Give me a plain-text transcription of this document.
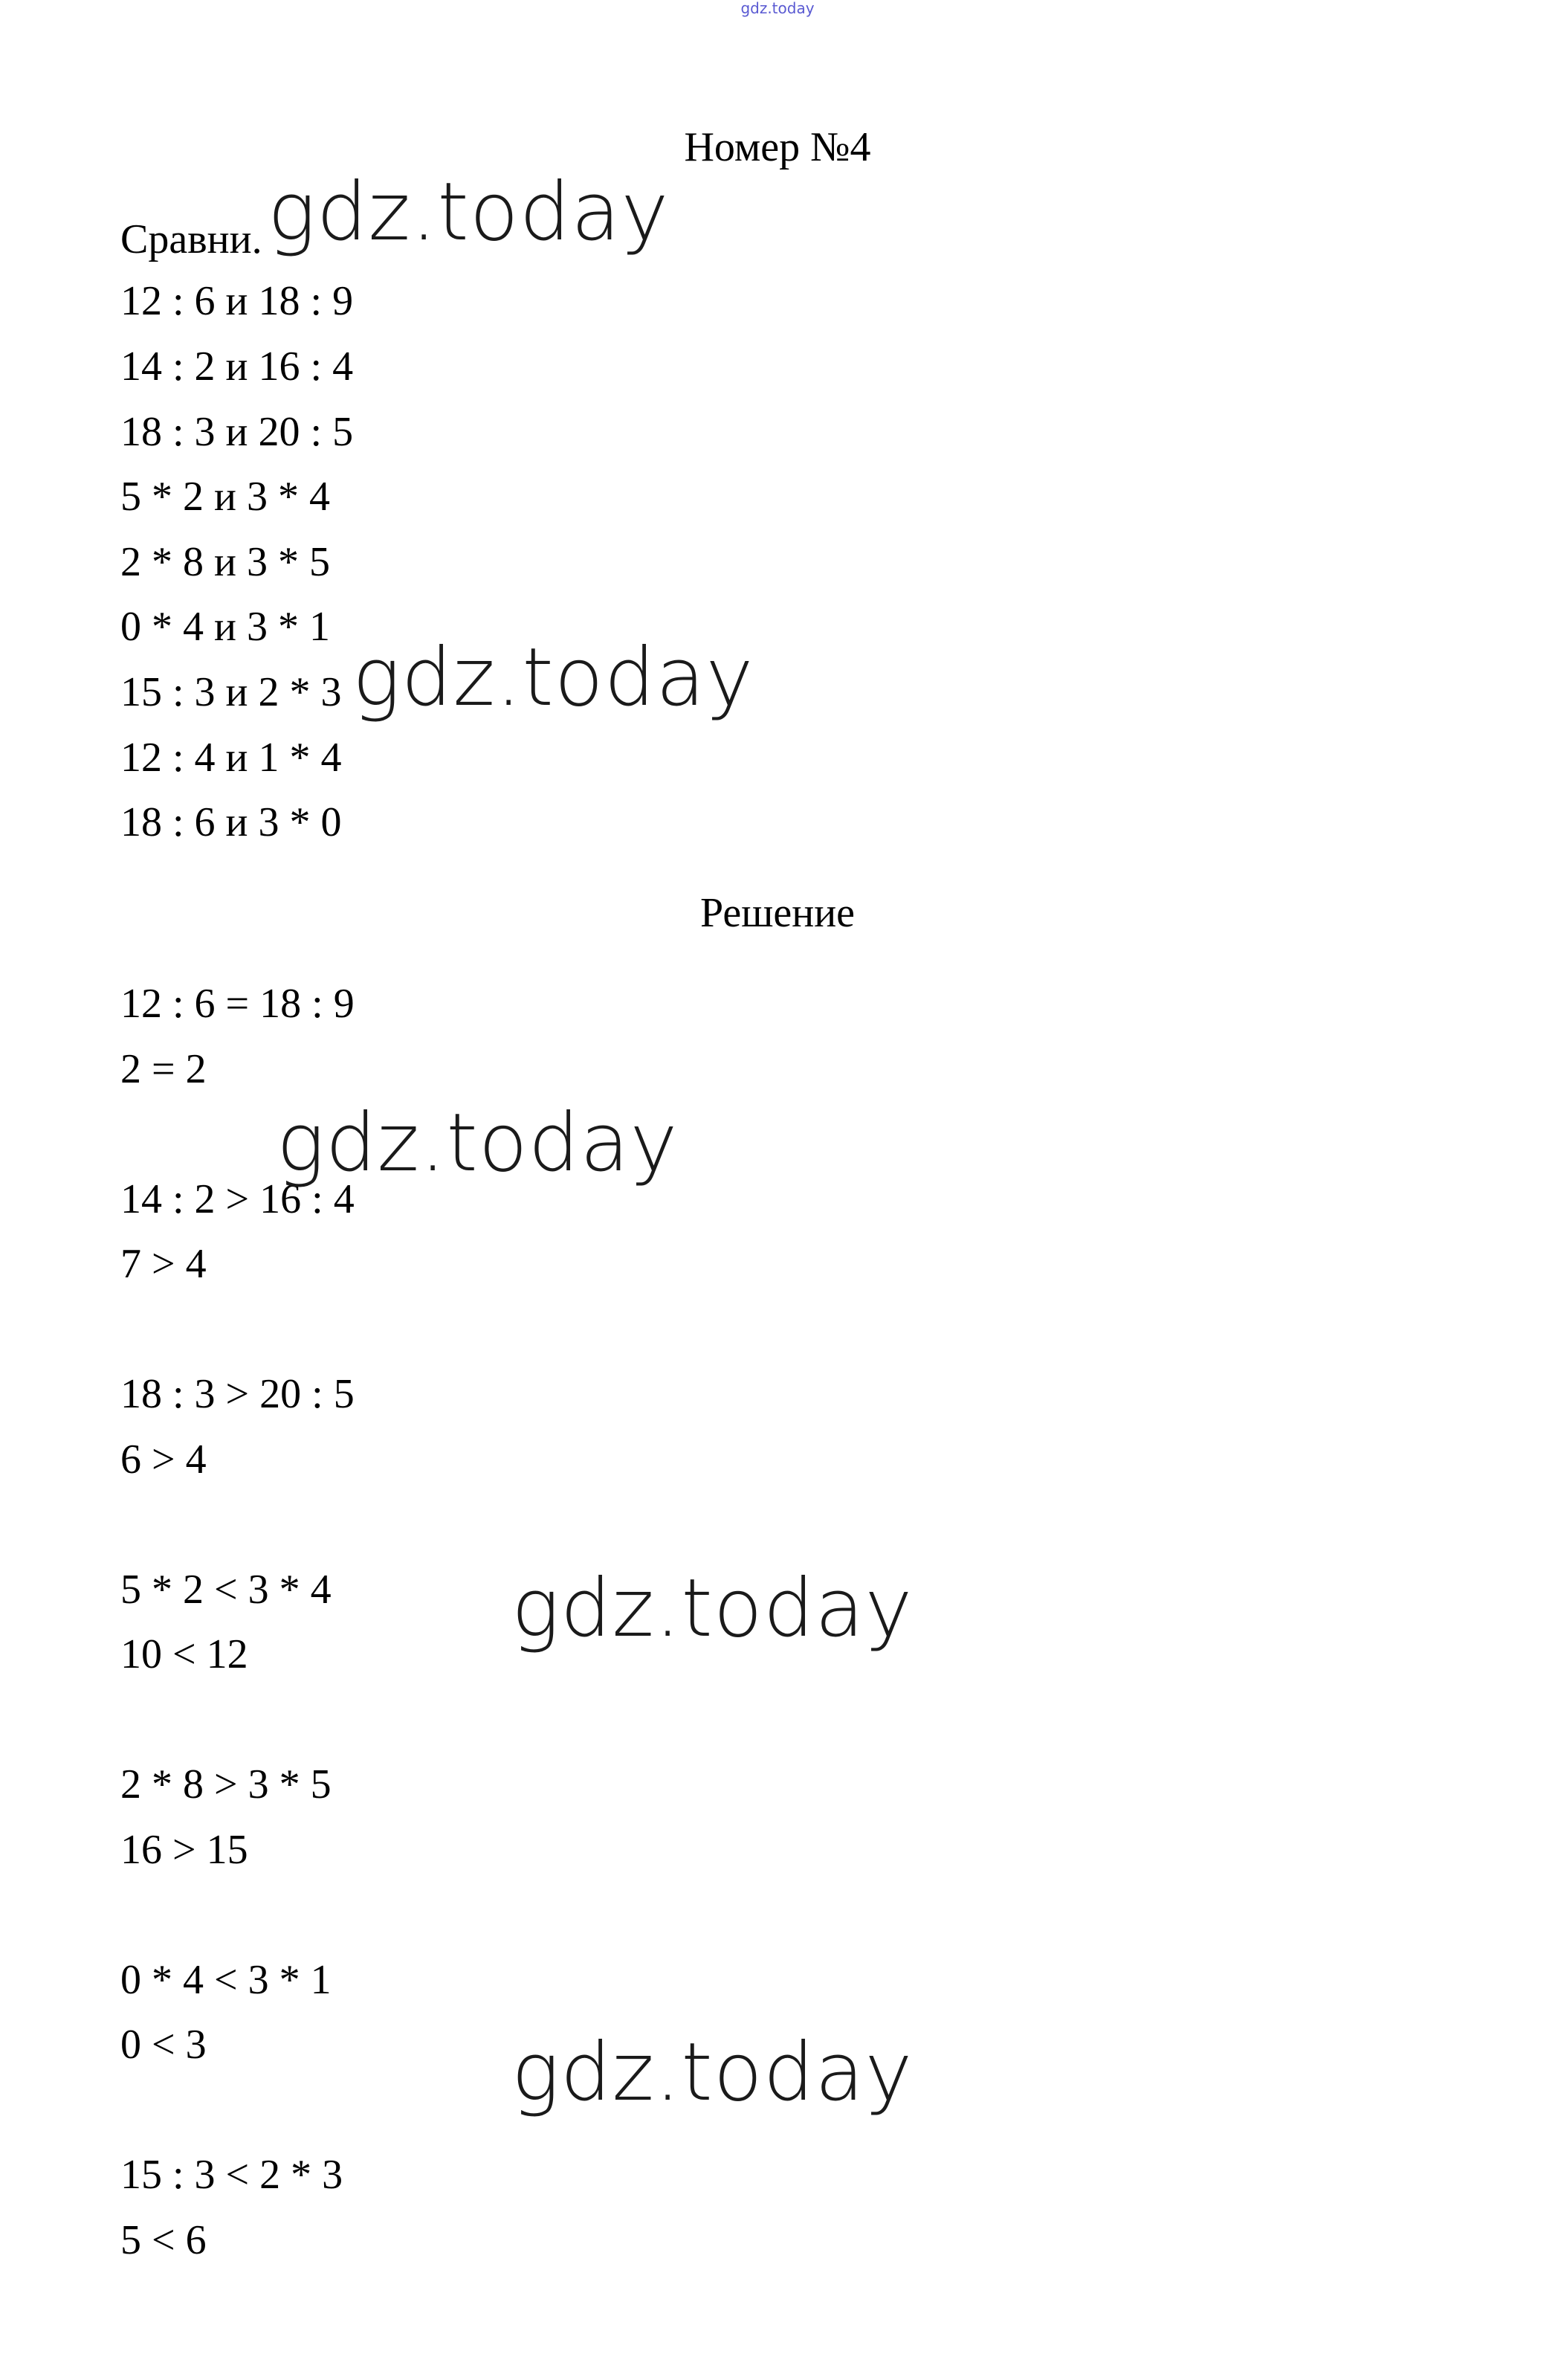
gdz.today
Номер №4
Сравни.
12 : 6 и 18 : 9
14 : 2 и 16 : 4
18 : 3 и 20 : 5
5 * 2 и 3 * 4
2 * 8 и 3 * 5
0 * 4 и 3 * 1
15 : 3 и 2 * 3
12 : 4 и 1 * 4
18 : 6 и 3 * 0
Решение
12 : 6 = 18 : 9
2 = 2
14 : 2 > 16 : 4
7 > 4
18 : 3 > 20 : 5
6 > 4
5 * 2 < 3 * 4
10 < 12
2 * 8 > 3 * 5
16 > 15
0 * 4 < 3 * 1
0 < 3
15 : 3 < 2 * 3
5 < 6
gdz.today
gdz.today
gdz.today
gdz.today
gdz.today
